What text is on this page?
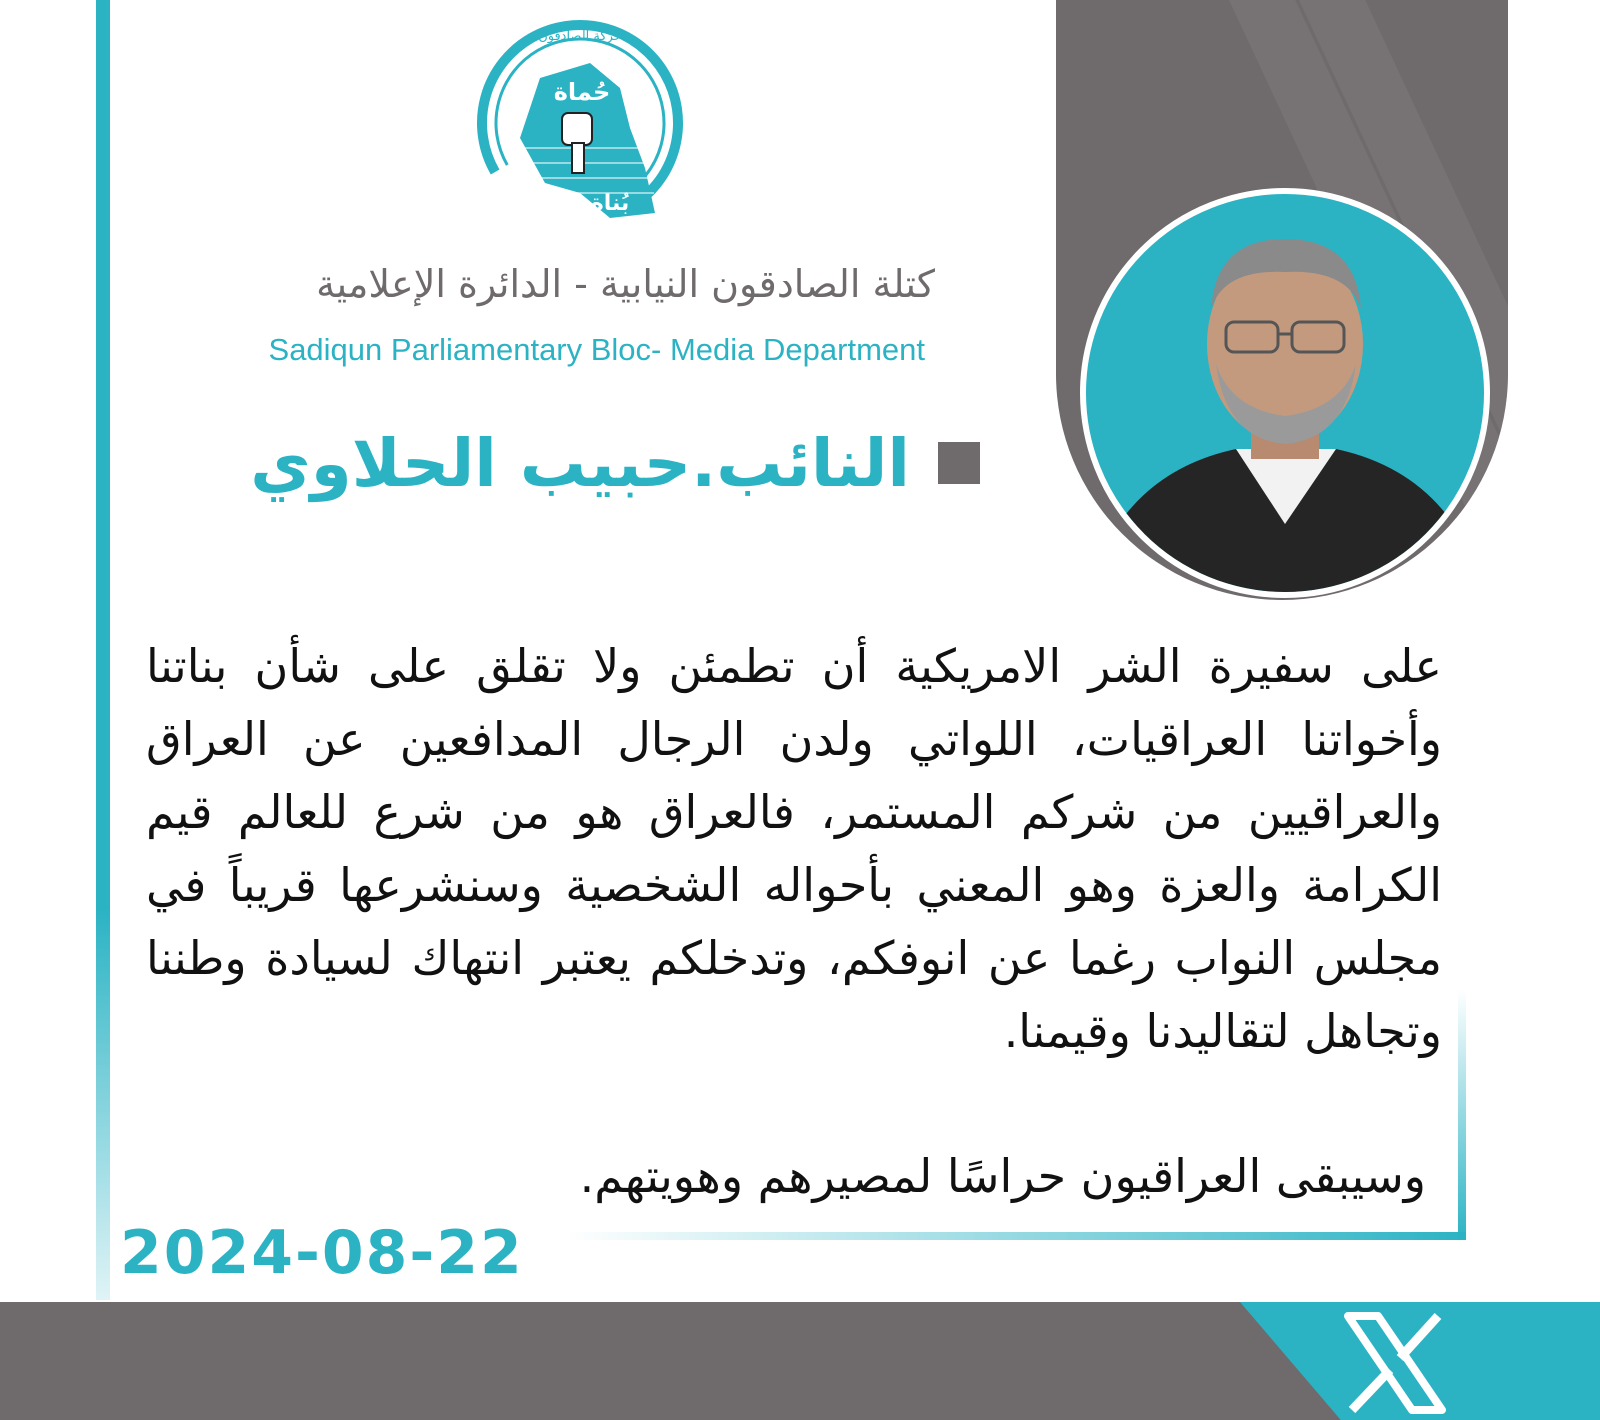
حُماة
بُناة
حركة الصادقون
كتلة الصادقون النيابية - الدائرة الإعلامية
Sadiqun Parliamentary Bloc- Media Department
النائب.حبيب الحلاوي
على سفيرة الشر الامريكية أن تطمئن ولا تقلق على شأن بناتنا وأخواتنا العراقيات، اللواتي ولدن الرجال المدافعين عن العراق والعراقيين من شركم المستمر، فالعراق هو من شرع للعالم قيم الكرامة والعزة وهو المعني بأحواله الشخصية وسنشرعها قريباً في مجلس النواب رغما عن انوفكم، وتدخلكم يعتبر انتهاك لسيادة وطننا وتجاهل لتقاليدنا وقيمنا.
وسيبقى العراقيون حراسًا لمصيرهم وهويتهم.
2024-08-22
